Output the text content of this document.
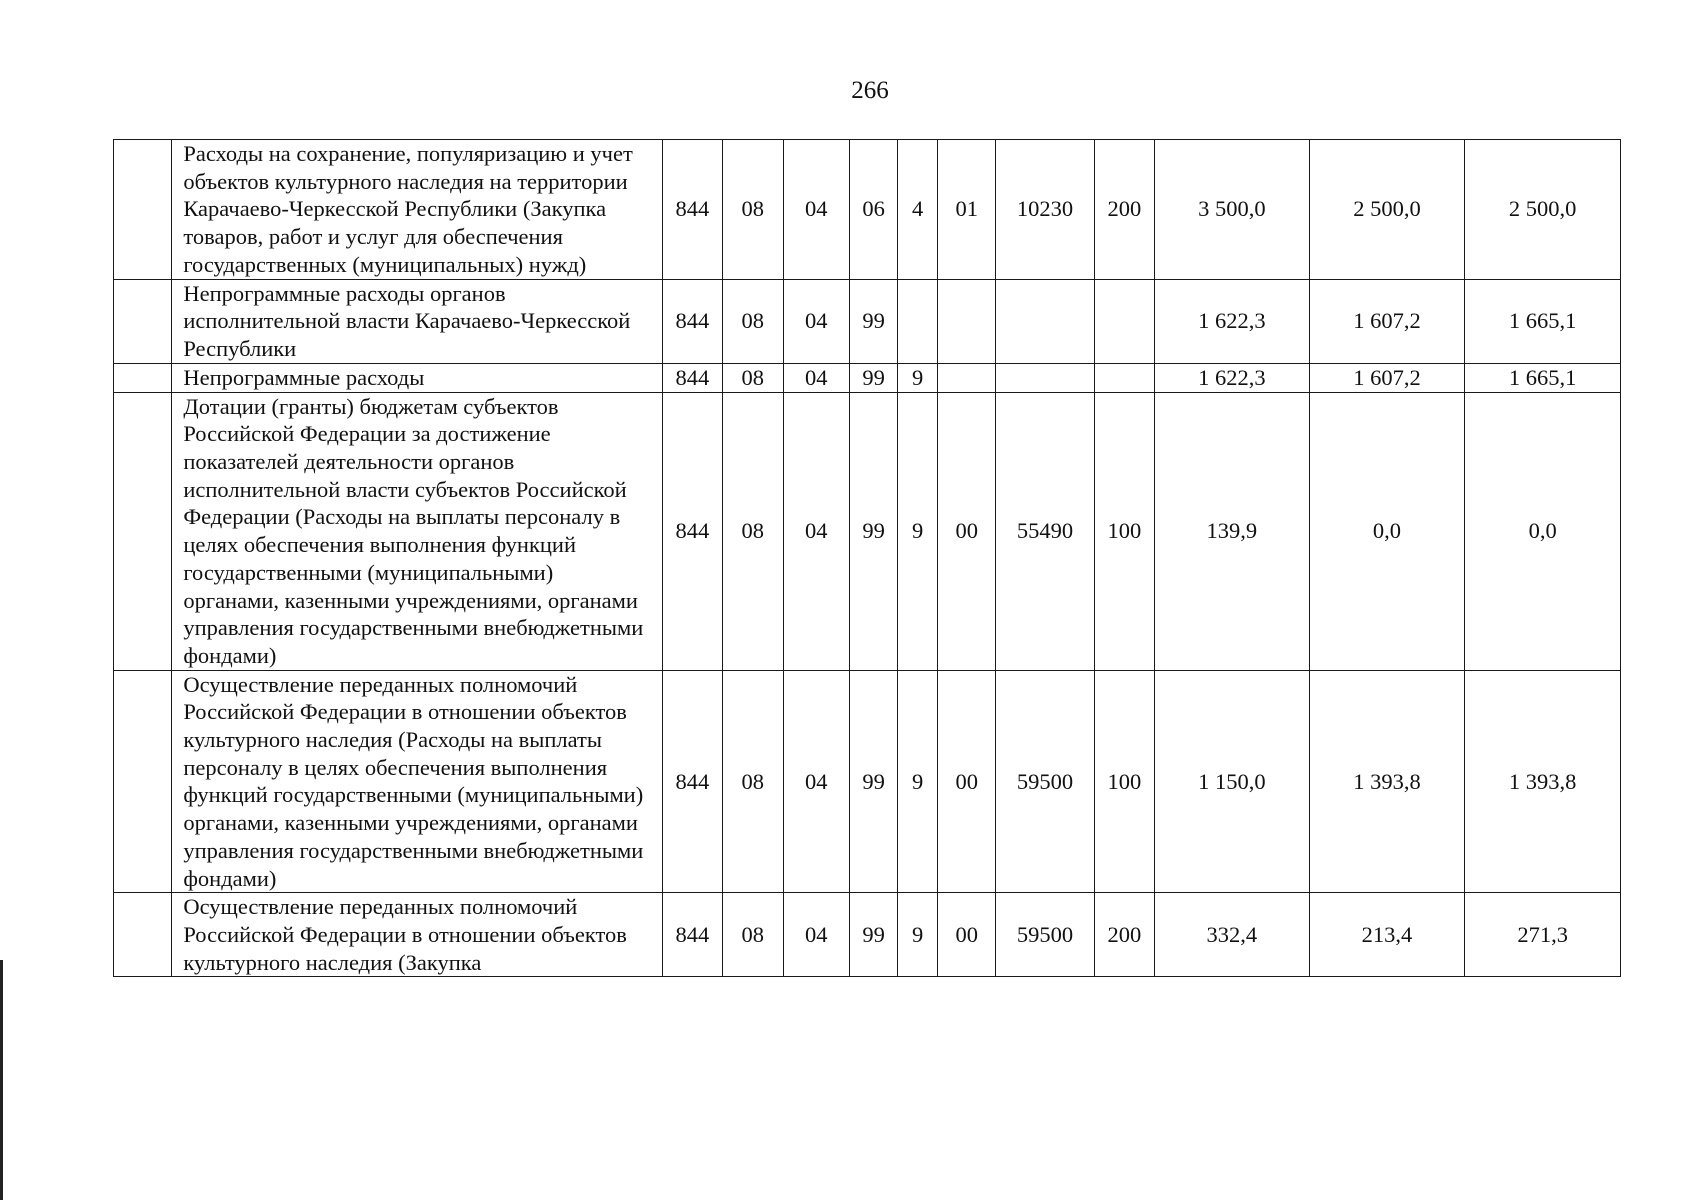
266
	Расходы на сохранение, популяризацию и учет объектов культурного наследия на территории Карачаево-Черкесской Республики (Закупка товаров, работ и услуг для обеспечения государственных (муниципальных) нужд)	844	08	04	06	4	01	10230	200	3 500,0	2 500,0	2 500,0
	Непрограммные расходы органов исполнительной власти Карачаево-Черкесской Республики	844	08	04	99					1 622,3	1 607,2	1 665,1
	Непрограммные расходы	844	08	04	99	9				1 622,3	1 607,2	1 665,1
	Дотации (гранты) бюджетам субъектов Российской Федерации за достижение показателей деятельности органов исполнительной власти субъектов Российской Федерации (Расходы на выплаты персоналу в целях обеспечения выполнения функций государственными (муниципальными) органами, казенными учреждениями, органами управления государственными внебюджетными фондами)	844	08	04	99	9	00	55490	100	139,9	0,0	0,0
	Осуществление переданных полномочий Российской Федерации в отношении объектов культурного наследия (Расходы на выплаты персоналу в целях обеспечения выполнения функций государственными (муниципальными) органами, казенными учреждениями, органами управления государственными внебюджетными фондами)	844	08	04	99	9	00	59500	100	1 150,0	1 393,8	1 393,8
	Осуществление переданных полномочий Российской Федерации в отношении объектов культурного наследия (Закупка	844	08	04	99	9	00	59500	200	332,4	213,4	271,3
